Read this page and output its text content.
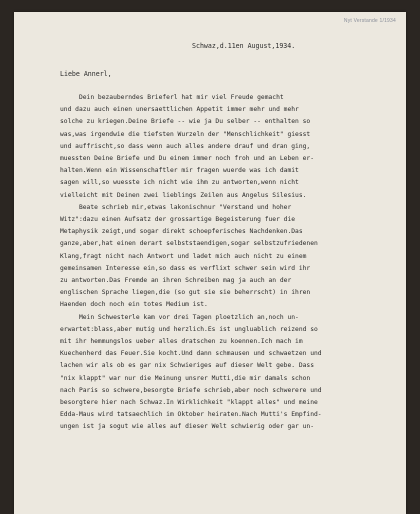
Nyt Verstande 1/1934
Schwaz,d.11en August,1934.
Liebe Annerl,
Dein bezauberndes Brieferl hat mir viel Freude gemacht
und dazu auch einen unersaettlichen Appetit immer mehr und mehr
solche zu kriegen.Deine Briefe -- wie ja Du selber -- enthalten so
was,was irgendwie die tiefsten Wurzeln der "Menschlichkeit" giesst
und auffrischt,so dass wenn auch alles andere drauf und dran ging,
muessten Deine Briefe und Du einem immer noch froh und an Leben er-
halten.Wenn ein Wissenschaftler mir fragen wuerde was ich damit
sagen will,so wuesste ich nicht wie ihm zu antworten,wenn nicht
vielleicht mit Deinen zwei lieblings Zeilen aus Angelus Silesius.
Beate schrieb mir,etwas lakonischnur "Verstand und hoher
Witz":dazu einen Aufsatz der grossartige Begeisterung fuer die
Metaphysik zeigt,und sogar direkt schoepferisches Nachdenken.Das
ganze,aber,hat einen derart selbststaendigen,sogar selbstzufriedenen
Klang,fragt nicht nach Antwort und ladet mich auch nicht zu einem
gemeinsamen Interesse ein,so dass es verflixt schwer sein wird ihr
zu antworten.Das Fremde an ihren Schreiben mag ja auch an der
englischen Sprache liegen,die (so gut sie sie beherrscht) in ihren
Haenden doch noch ein totes Medium ist.
Mein Schwesterle kam vor drei Tagen ploetzlich an,noch un-
erwartet:blass,aber mutig und herzlich.Es ist ungluablich reizend so
mit ihr hemmungslos ueber alles dratschen zu koennen.Ich mach im
Kuechenherd das Feuer.Sie kocht.Und dann schmausen und schwaetzen und
lachen wir als ob es gar nix Schwieriges auf dieser Welt gebe. Dass
"nix klappt" war nur die Meinung unsrer Mutti,die mir damals schon
nach Paris so schwere,besorgte Briefe schrieb,aber noch schwerere und
besorgtere hier nach Schwaz.In Wirklichkeit "klappt alles" und meine
Edda-Maus wird tatsaechlich im Oktober heiraten.Nach Mutti's Empfind-
ungen ist ja sogut wie alles auf dieser Welt schwierig oder gar un-
